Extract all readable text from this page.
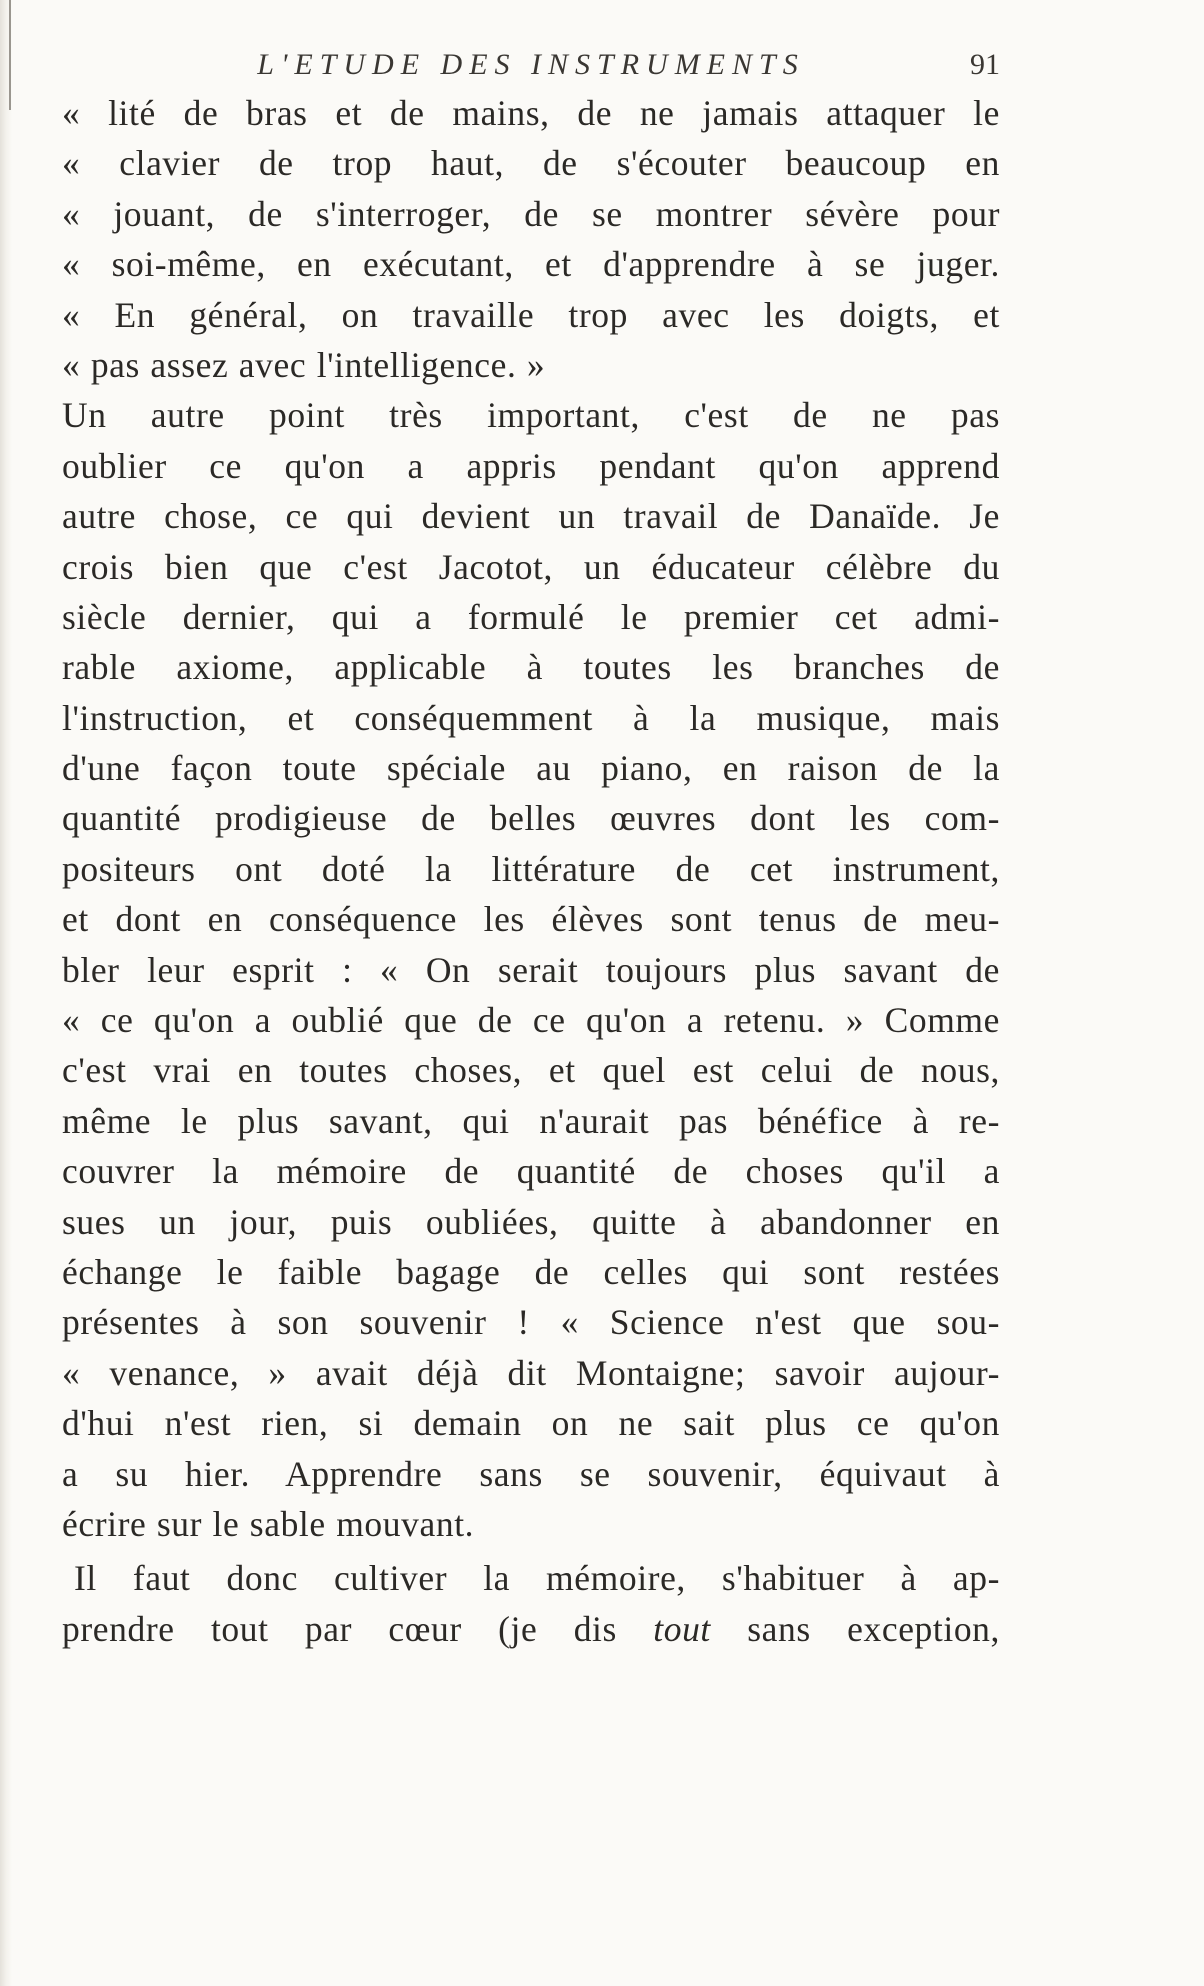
L'ETUDE DES INSTRUMENTS	91
« lité de bras et de mains, de ne jamais attaquer le
« clavier de trop haut, de s'écouter beaucoup en
« jouant, de s'interroger, de se montrer sévère pour
« soi-même, en exécutant, et d'apprendre à se juger.
« En général, on travaille trop avec les doigts, et
« pas assez avec l'intelligence. »
Un autre point très important, c'est de ne pas
oublier ce qu'on a appris pendant qu'on apprend
autre chose, ce qui devient un travail de Danaïde. Je
crois bien que c'est Jacotot, un éducateur célèbre du
siècle dernier, qui a formulé le premier cet admi-
rable axiome, applicable à toutes les branches de
l'instruction, et conséquemment à la musique, mais
d'une façon toute spéciale au piano, en raison de la
quantité prodigieuse de belles œuvres dont les com-
positeurs ont doté la littérature de cet instrument,
et dont en conséquence les élèves sont tenus de meu-
bler leur esprit : « On serait toujours plus savant de
« ce qu'on a oublié que de ce qu'on a retenu. » Comme
c'est vrai en toutes choses, et quel est celui de nous,
même le plus savant, qui n'aurait pas bénéfice à re-
couvrer la mémoire de quantité de choses qu'il a
sues un jour, puis oubliées, quitte à abandonner en
échange le faible bagage de celles qui sont restées
présentes à son souvenir ! « Science n'est que sou-
« venance, » avait déjà dit Montaigne; savoir aujour-
d'hui n'est rien, si demain on ne sait plus ce qu'on
a su hier. Apprendre sans se souvenir, équivaut à
écrire sur le sable mouvant.
Il faut donc cultiver la mémoire, s'habituer à ap-
prendre tout par cœur (je dis tout sans exception,
